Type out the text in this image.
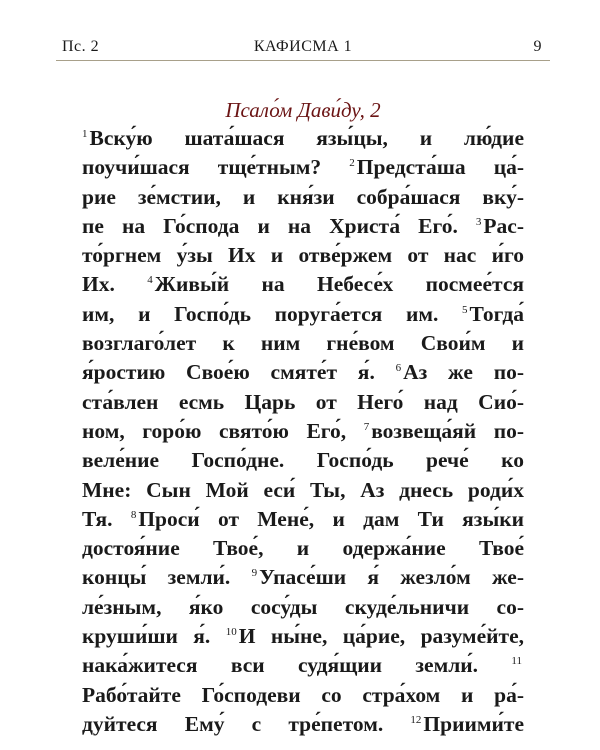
Пс. 2	КАФИСМА 1	9
Псало́м Дави́ду, 2
$^1$Вску́ю шата́шася язы́цы, и лю́дие
поучи́шася тще́тным? $^2$Предста́ша ца́-
рие зе́мстии, и кня́зи собра́шася вку́-
пе на Го́спода и на Христа́ Его́. $^3$Рас-
то́ргнем у́зы Их и отве́ржем от нас и́го
Их. $^4$Живы́й на Небесе́х посмее́тся
им, и Госпо́дь поруга́ется им. $^5$Тогда́
возглаго́лет к ним гне́вом Свои́м и
я́ростию Свое́ю смяте́т я́. $^6$Аз же по-
ста́влен есмь Царь от Него́ над Сио́-
ном, горо́ю свято́ю Его́, $^7$возвеща́яй по-
веле́ние Госпо́дне. Госпо́дь рече́ ко
Мне: Сын Мой еси́ Ты, Аз днесь роди́х
Тя. $^8$Проси́ от Мене́, и дам Ти язы́ки
достоя́ние Твое́, и одержа́ние Твое́
концы́ земли́. $^9$Упасе́ши я́ жезло́м же-
ле́зным, я́ко сосу́ды скуде́льничи со-
круши́ши я́. $^{10}$И ны́не, ца́рие, разуме́йте,
нака́житеся вси судя́щии земли́. $^{11}$
Рабо́тайте Го́сподеви со стра́хом и ра́-
дуйтеся Ему́ с тре́петом. $^{12}$Приими́те
